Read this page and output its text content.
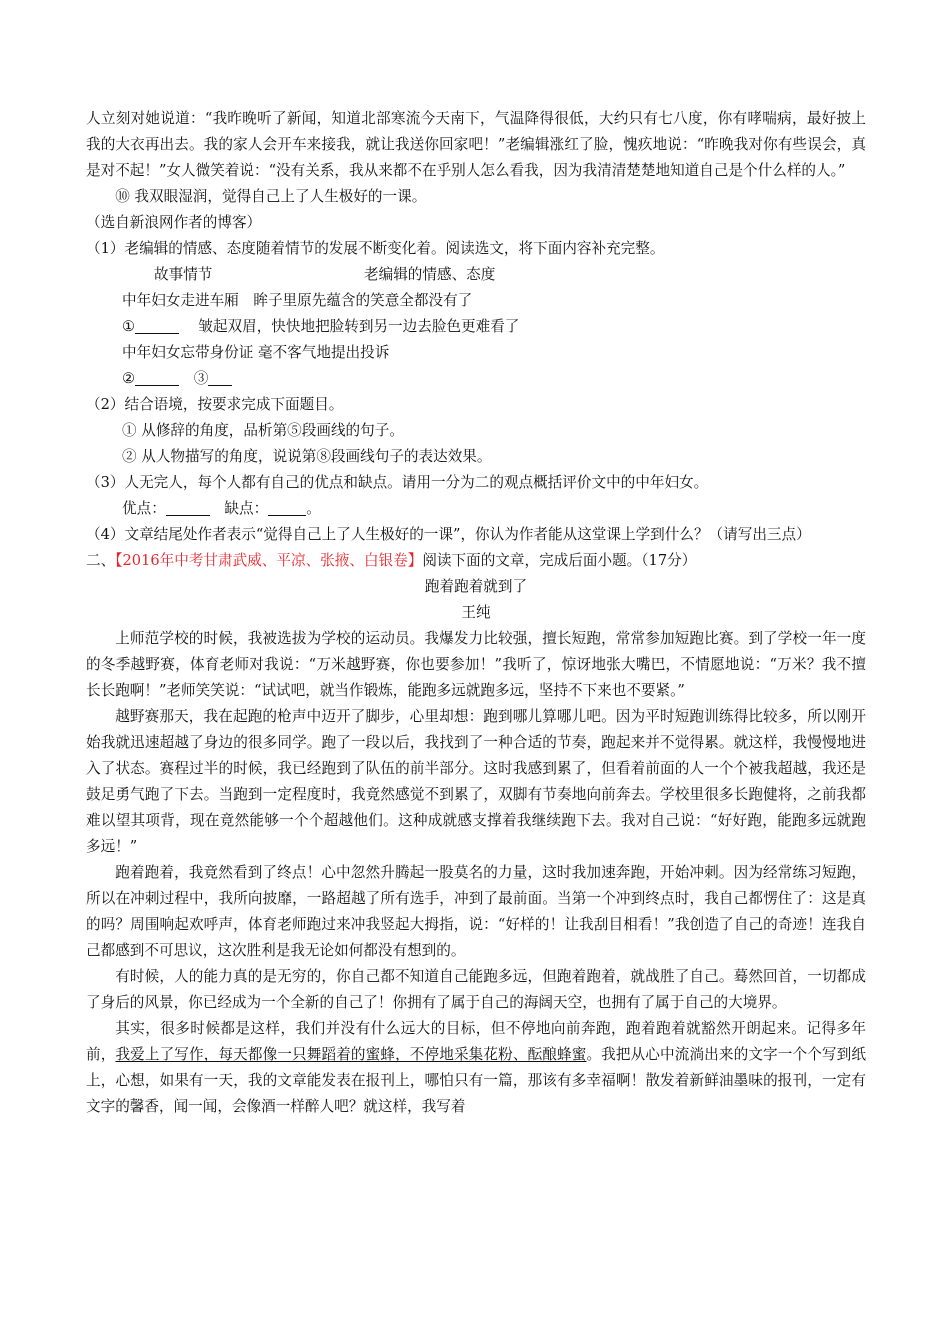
人立刻对她说道：“我昨晚听了新闻，知道北部寒流今天南下，气温降得很低，大约只有七八度，你有哮喘病，最好披上我的大衣再出去。我的家人会开车来接我，就让我送你回家吧！”老编辑涨红了脸，愧疚地说：“昨晚我对你有些误会，真是对不起！”女人微笑着说：“没有关系，我从来都不在乎别人怎么看我，因为我清清楚楚地知道自己是个什么样的人。”

⑩ 我双眼湿润，觉得自己上了人生极好的一课。

（选自新浪网作者的博客）

（1）老编辑的情感、态度随着情节的发展不断变化着。阅读选文，将下面内容补充完整。

故事情节	老编辑的情感、态度

中年妇女走进车厢　眸子里原先蕴含的笑意全都没有了

①	　 皱起双眉，快快地把脸转到另一边去脸色更难看了

中年妇女忘带身份证 毫不客气地提出投诉

②	　③

（2）结合语境，按要求完成下面题目。

① 从修辞的角度，品析第⑤段画线的句子。

② 从人物描写的角度，说说第⑧段画线句子的表达效果。

（3）人无完人，每个人都有自己的优点和缺点。请用一分为二的观点概括评价文中的中年妇女。

优点：	　缺点：	。

（4）文章结尾处作者表示“觉得自己上了人生极好的一课”，你认为作者能从这堂课上学到什么？（请写出三点）

二、【2016年中考甘肃武威、平凉、张掖、白银卷】阅读下面的文章，完成后面小题。（17分）

跑着跑着就到了

王纯

上师范学校的时候，我被选拔为学校的运动员。我爆发力比较强，擅长短跑，常常参加短跑比赛。到了学校一年一度的冬季越野赛，体育老师对我说：“万米越野赛，你也要参加！”我听了，惊讶地张大嘴巴，不情愿地说：“万米？我不擅长长跑啊！”老师笑笑说：“试试吧，就当作锻炼，能跑多远就跑多远，坚持不下来也不要紧。”

越野赛那天，我在起跑的枪声中迈开了脚步，心里却想：跑到哪儿算哪儿吧。因为平时短跑训练得比较多，所以刚开始我就迅速超越了身边的很多同学。跑了一段以后，我找到了一种合适的节奏，跑起来并不觉得累。就这样，我慢慢地进入了状态。赛程过半的时候，我已经跑到了队伍的前半部分。这时我感到累了，但看着前面的人一个个被我超越，我还是鼓足勇气跑了下去。当跑到一定程度时，我竟然感觉不到累了，双脚有节奏地向前奔去。学校里很多长跑健将，之前我都难以望其项背，现在竟然能够一个个超越他们。这种成就感支撑着我继续跑下去。我对自己说：“好好跑，能跑多远就跑多远！”

跑着跑着，我竟然看到了终点！心中忽然升腾起一股莫名的力量，这时我加速奔跑，开始冲刺。因为经常练习短跑，所以在冲刺过程中，我所向披靡，一路超越了所有选手，冲到了最前面。当第一个冲到终点时，我自己都愣住了：这是真的吗？周围响起欢呼声，体育老师跑过来冲我竖起大拇指，说：“好样的！让我刮目相看！”我创造了自己的奇迹！连我自己都感到不可思议，这次胜利是我无论如何都没有想到的。

有时候，人的能力真的是无穷的，你自己都不知道自己能跑多远，但跑着跑着，就战胜了自己。蓦然回首，一切都成了身后的风景，你已经成为一个全新的自己了！你拥有了属于自己的海阔天空，也拥有了属于自己的大境界。

其实，很多时候都是这样，我们并没有什么远大的目标，但不停地向前奔跑，跑着跑着就豁然开朗起来。记得多年前，我爱上了写作，每天都像一只舞蹈着的蜜蜂，不停地采集花粉、酝酿蜂蜜。我把从心中流淌出来的文字一个个写到纸上，心想，如果有一天，我的文章能发表在报刊上，哪怕只有一篇，那该有多幸福啊！散发着新鲜油墨味的报刊，一定有文字的馨香，闻一闻，会像酒一样醉人吧？就这样，我写着
